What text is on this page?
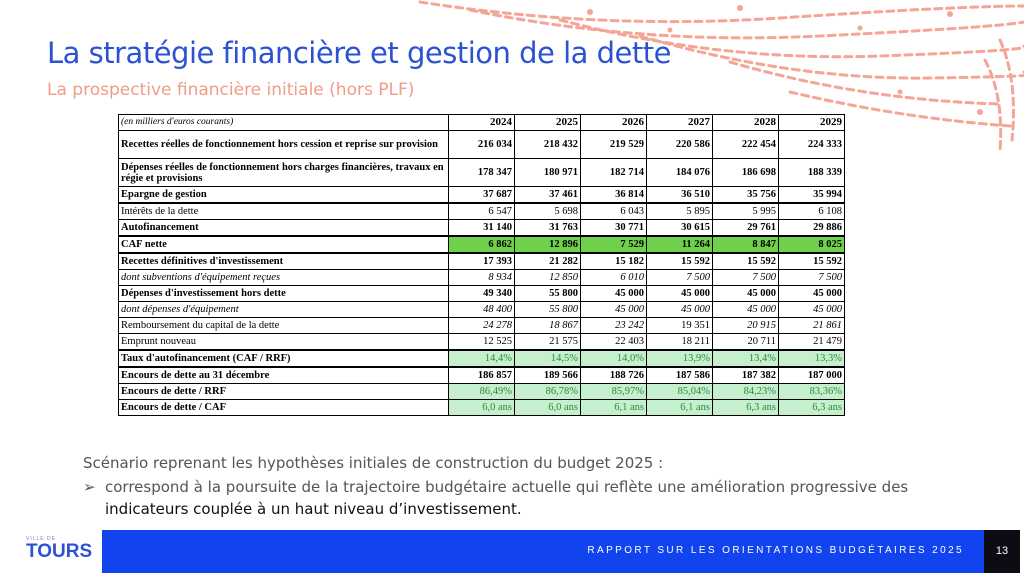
La stratégie financière et gestion de la dette
La prospective financière initiale (hors PLF)
(en milliers d'euros courants)	2024	2025	2026	2027	2028	2029
Recettes réelles de fonctionnement hors cession et reprise sur provision	216 034	218 432	219 529	220 586	222 454	224 333
Dépenses réelles de fonctionnement hors charges financières, travaux en régie et provisions	178 347	180 971	182 714	184 076	186 698	188 339
Epargne de gestion	37 687	37 461	36 814	36 510	35 756	35 994
Intérêts de la dette	6 547	5 698	6 043	5 895	5 995	6 108
Autofinancement	31 140	31 763	30 771	30 615	29 761	29 886
CAF nette	6 862	12 896	7 529	11 264	8 847	8 025
Recettes définitives d'investissement	17 393	21 282	15 182	15 592	15 592	15 592
dont subventions d'équipement reçues	8 934	12 850	6 010	7 500	7 500	7 500
Dépenses d'investissement hors dette	49 340	55 800	45 000	45 000	45 000	45 000
dont dépenses d'équipement	48 400	55 800	45 000	45 000	45 000	45 000
Remboursement du capital de la dette	24 278	18 867	23 242	19 351	20 915	21 861
Emprunt nouveau	12 525	21 575	22 403	18 211	20 711	21 479
Taux d'autofinancement (CAF / RRF)	14,4%	14,5%	14,0%	13,9%	13,4%	13,3%
Encours de dette au 31 décembre	186 857	189 566	188 726	187 586	187 382	187 000
Encours de dette / RRF	86,49%	86,78%	85,97%	85,04%	84,23%	83,36%
Encours de dette / CAF	6,0 ans	6,0 ans	6,1 ans	6,1 ans	6,3 ans	6,3 ans

Scénario reprenant les hypothèses initiales de construction du budget 2025 :

➢ correspond à la poursuite de la trajectoire budgétaire actuelle qui reflète une amélioration progressive des
indicateurs couplée à un haut niveau d’investissement.
VILLE DE
TOURS	RAPPORT SUR LES ORIENTATIONS BUDGÉTAIRES 2025	13
